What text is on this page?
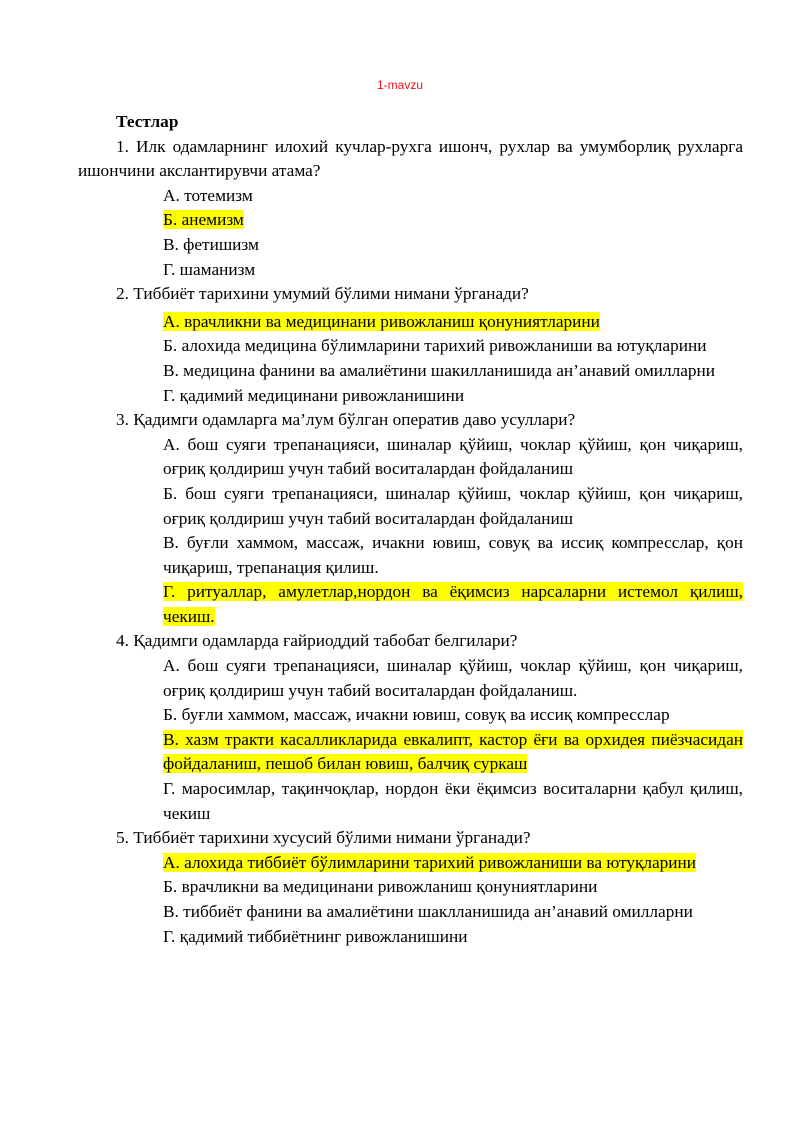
1-mavzu

Тестлар

1. Илк одамларнинг илохий кучлар-рухга ишонч, рухлар ва умумборлиқ рухларга ишончини акслантирувчи атама?

А. тотемизм

Б. анемизм

В. фетишизм

Г. шаманизм

2. Тиббиёт тарихини умумий бўлими нимани ўрганади?

А. врачликни ва медицинани ривожланиш қонуниятларини

Б. алохида медицина бўлимларини тарихий ривожланиши ва ютуқларини

В. медицина фанини ва амалиётини шакилланишида ан’анавий омилларни

Г. қадимий медицинани ривожланишини

3. Қадимги одамларга ма’лум бўлган оператив даво усуллари?

А. бош суяги трепанацияси, шиналар қўйиш, чоклар қўйиш, қон чиқариш, оғриқ қолдириш учун табий воситалардан фойдаланиш

Б. бош суяги трепанацияси, шиналар қўйиш, чоклар қўйиш, қон чиқариш, оғриқ қолдириш учун табий воситалардан фойдаланиш

В. буғли хаммом, массаж, ичакни ювиш, совуқ ва иссиқ компресслар, қон чиқариш, трепанация қилиш.

Г. ритуаллар, амулетлар,нордон ва ёқимсиз нарсаларни истемол қилиш, чекиш.

4. Қадимги одамларда ғайриоддий табобат белгилари?

А. бош суяги трепанацияси, шиналар қўйиш, чоклар қўйиш, қон чиқариш, оғриқ қолдириш учун табий воситалардан фойдаланиш.

Б. буғли хаммом, массаж, ичакни ювиш, совуқ ва иссиқ компресслар

В. хазм тракти касалликларида евкалипт, кастор ёғи ва орхидея пиёзчасидан фойдаланиш, пешоб билан ювиш, балчиқ суркаш

Г. маросимлар, тақинчоқлар, нордон ёки ёқимсиз воситаларни қабул қилиш, чекиш

5. Тиббиёт тарихини хусусий бўлими нимани ўрганади?

А. алохида тиббиёт бўлимларини тарихий ривожланиши ва ютуқларини

Б. врачликни ва медицинани ривожланиш қонуниятларини

В. тиббиёт фанини ва амалиётини шаклланишида ан’анавий омилларни

Г. қадимий тиббиётнинг ривожланишини
